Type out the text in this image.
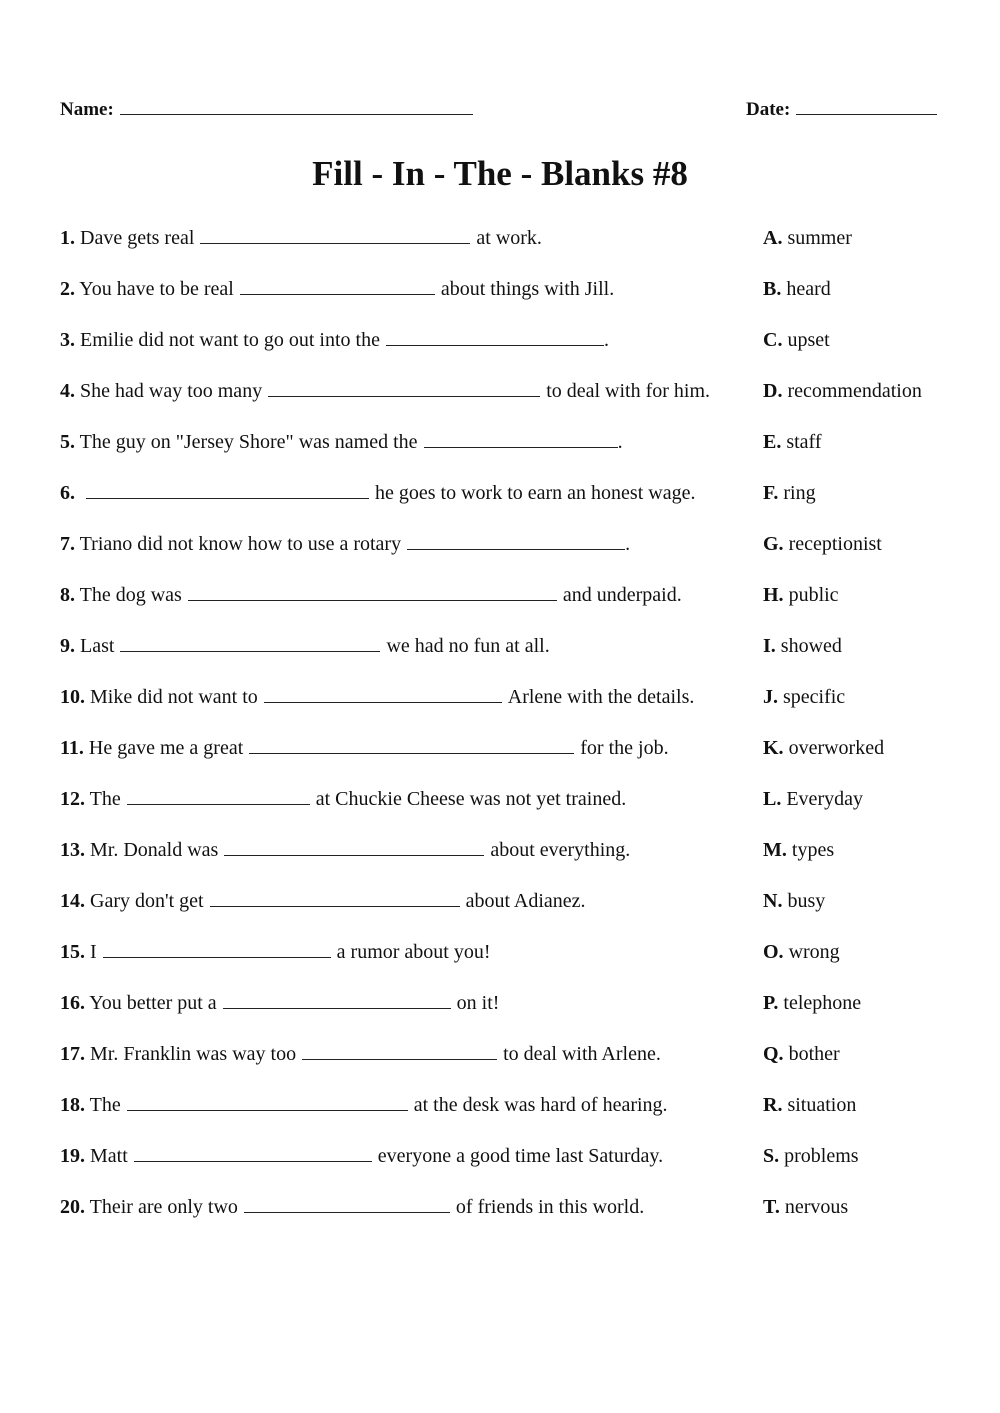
Name:	Date:
Fill - In - The - Blanks #8
1. Dave gets real	at work.	A. summer
2. You have to be real	about things with Jill.	B. heard
3. Emilie did not want to go out into the	.	C. upset
4. She had way too many	to deal with for him.	D. recommendation
5. The guy on "Jersey Shore" was named the	.	E. staff
6.	he goes to work to earn an honest wage.	F. ring
7. Triano did not know how to use a rotary	.	G. receptionist
8. The dog was	and underpaid.	H. public
9. Last	we had no fun at all.	I. showed
10. Mike did not want to	Arlene with the details.	J. specific
11. He gave me a great	for the job.	K. overworked
12. The	at Chuckie Cheese was not yet trained.	L. Everyday
13. Mr. Donald was	about everything.	M. types
14. Gary don't get	about Adianez.	N. busy
15. I	a rumor about you!	O. wrong
16. You better put a	on it!	P. telephone
17. Mr. Franklin was way too	to deal with Arlene.	Q. bother
18. The	at the desk was hard of hearing.	R. situation
19. Matt	everyone a good time last Saturday.	S. problems
20. Their are only two	of friends in this world.	T. nervous
